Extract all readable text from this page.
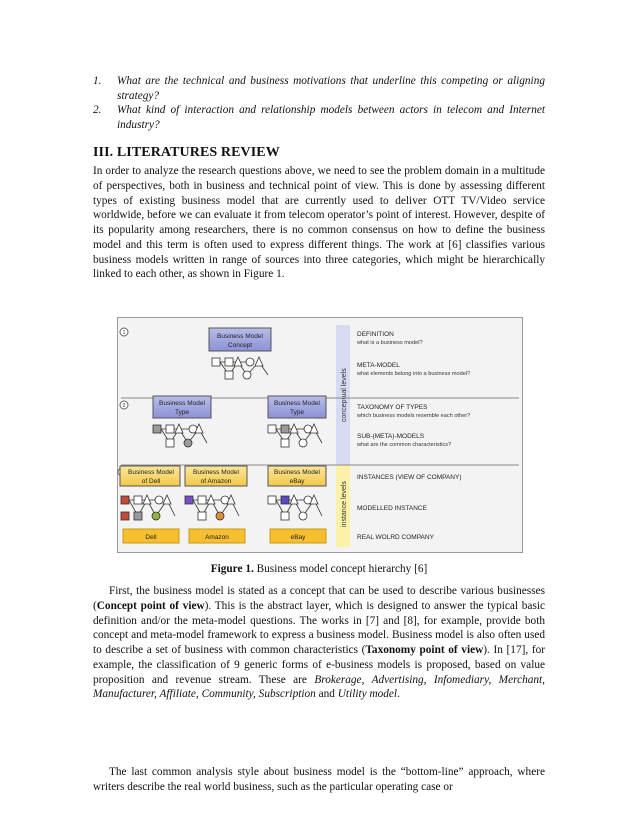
1.	What are the technical and business motivations that underline this competing or aligning strategy?
2.	What kind of interaction and relationship models between actors in telecom and Internet industry?
III. LITERATURES REVIEW
In order to analyze the research questions above, we need to see the problem domain in a multitude of perspectives, both in business and technical point of view. This is done by assessing different types of existing business model that are currently used to deliver OTT TV/Video service worldwide, before we can evaluate it from telecom operator’s point of interest. However, despite of its popularity among researchers, there is no common consensus on how to define the business model and this term is often used to express different things. The work at [6] classifies various business models written in range of sources into three categories, which might be hierarchically linked to each other, as shown in Figure 1.
conceptual levels
instance levels
1
2
Business Model
Concept
Business Model
Type
Business Model
Type
Business Model
of Dell
Business Model
of Amazon
Business Model
eBay
Dell	Amazon	eBay
DEFINITION
what is a business model?
META-MODEL
what elements belong into a business model?
TAXONOMY OF TYPES
which business models resemble each other?
SUB-(META)-MODELS
what are the common characteristics?
INSTANCES (VIEW OF COMPANY)
MODELLED INSTANCE
REAL WOLRD COMPANY
Figure 1. Business model concept hierarchy [6]
First, the business model is stated as a concept that can be used to describe various businesses (Concept point of view). This is the abstract layer, which is designed to answer the typical basic definition and/or the meta-model questions. The works in [7] and [8], for example, provide both concept and meta-model framework to express a business model. Business model is also often used to describe a set of business with common characteristics (Taxonomy point of view). In [17], for example, the classification of 9 generic forms of e-business models is proposed, based on value proposition and revenue stream. These are Brokerage, Advertising, Infomediary, Merchant, Manufacturer, Affiliate, Community, Subscription and Utility model.
The last common analysis style about business model is the “bottom-line” approach, where writers describe the real world business, such as the particular operating case or
